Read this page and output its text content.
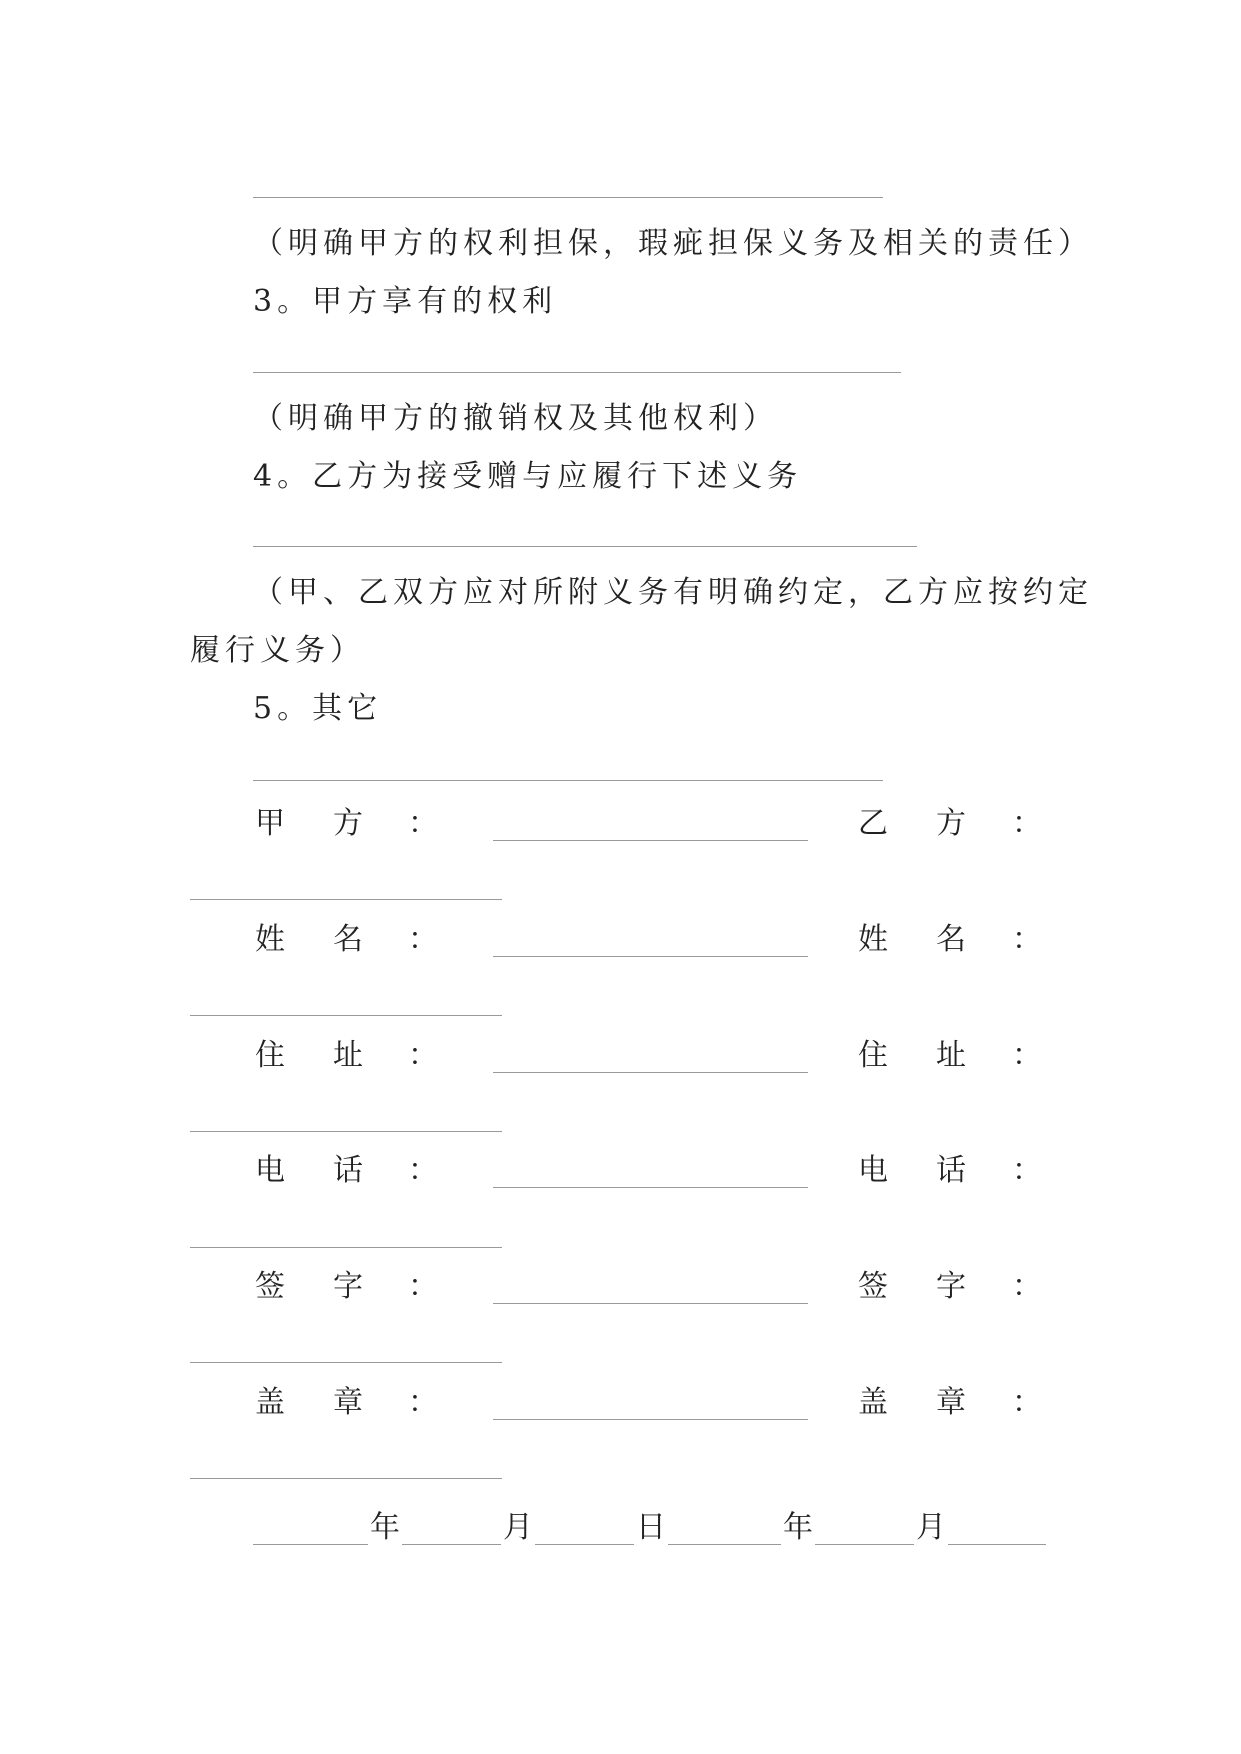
（明确甲方的权利担保，瑕疵担保义务及相关的责任）
3。甲方享有的权利
（明确甲方的撤销权及其他权利）
4。乙方为接受赠与应履行下述义务
（甲、乙双方应对所附义务有明确约定，乙方应按约定
履行义务）
5。其它
甲 方 ：	乙 方 ：
姓 名 ：	姓 名 ：
住 址 ：	住 址 ：
电 话 ：	电 话 ：
签 字 ：	签 字 ：
盖 章 ：	盖 章 ：
年	月	日	年	月
